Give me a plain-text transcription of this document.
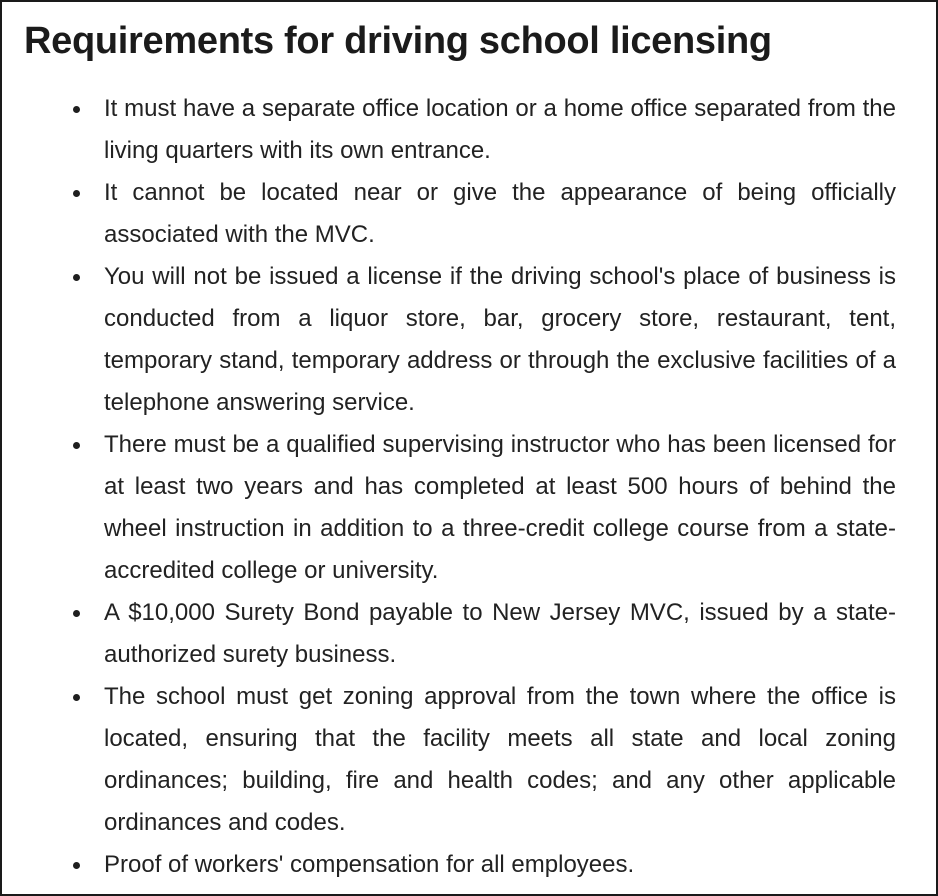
Requirements for driving school licensing
It must have a separate office location or a home office separated from the living quarters with its own entrance.
It cannot be located near or give the appearance of being officially associated with the MVC.
You will not be issued a license if the driving school's place of business is conducted from a liquor store, bar, grocery store, restaurant, tent, temporary stand, temporary address or through the exclusive facilities of a telephone answering service.
There must be a qualified supervising instructor who has been licensed for at least two years and has completed at least 500 hours of behind the wheel instruction in addition to a three-credit college course from a state-accredited college or university.
A $10,000 Surety Bond payable to New Jersey MVC, issued by a state-authorized surety business.
The school must get zoning approval from the town where the office is located, ensuring that the facility meets all state and local zoning ordinances; building, fire and health codes; and any other applicable ordinances and codes.
Proof of workers' compensation for all employees.
